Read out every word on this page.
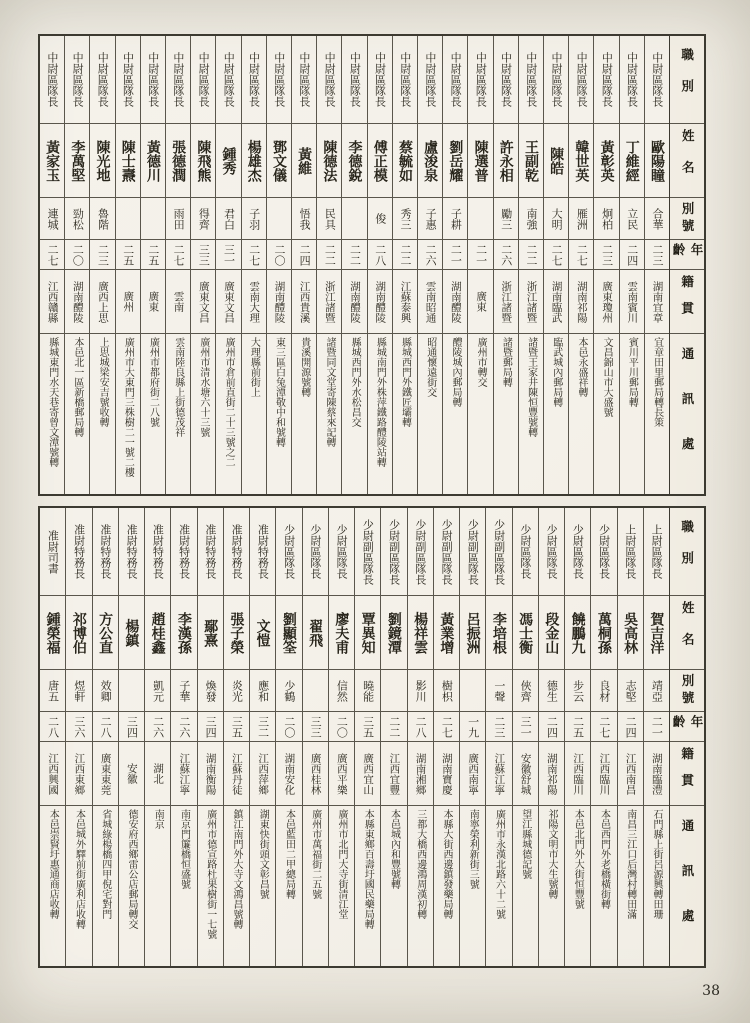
中尉區隊長
黃家玉
連城
二七
江西贛縣
縣城東門水天巷寄曾文潭號轉
中尉區隊長
李萬堅
勁松
二〇
湖南醴陵
本邑北一區新橋郵局轉
中尉區隊長
陳光地
魯階
二三
廣西上思
上思城梁安吉號收轉
中尉區隊長
陳士燾
二五
廣州
廣州市大東門三株樹二一號二樓
中尉區隊長
黃德川
二五
廣東
廣州市都府街二八號
中尉區隊長
張德潤
雨田
二七
雲南
雲南陸良縣上街德茂祥
中尉區隊長
陳飛熊
得齊
三三
廣東文昌
廣州市清水塘六十三號
中尉區隊長
鍾秀
君白
三一
廣東文昌
廣州市倉前直街二十三號之二
中尉區隊長
楊雄杰
子羽
二七
雲南大理
大理縣前街上
中尉區隊長
鄧文儀
二〇
湖南醴陵
東三區白兔潭敬中和號轉
中尉區隊長
黃維
悟我
二四
江西貴溪
貴溪開源號轉
中尉區隊長
陳德法
民具
二二
浙江諸暨
諸暨同文堂寄陳蔡來記轉
中尉區隊長
李德銳
二二
湖南醴陵
縣城西門外水松昌交
中尉區隊長
傅正模
俊
二八
湖南醴陵
縣城南門外株萍鐵路醴陵站轉
中尉區隊長
蔡毓如
秀三
二二
江蘇泰興
縣城西門外鐵匠壩轉
中尉區隊長
盧浚泉
子惠
二六
雲南昭通
昭通懷遠街交
中尉區隊長
劉岳耀
子耕
二一
湖南醴陵
醴陵城內郵局轉
中尉區隊長
陳選普
二一
廣東
廣州市轉交
中尉區隊長
許永相
勵三
二六
浙江諸暨
諸暨郵局轉
中尉區隊長
王副乾
南強
二二
浙江諸暨
諸暨王家井陳恒豐號轉
中尉區隊長
陳皓
大明
二七
湖南臨武
臨武城內郵局轉
中尉區隊長
韓世英
雁洲
二七
湖南祁陽
本邑永盛祥轉
中尉區隊長
黃彰英
炯柏
二三
廣東瓊州
文昌錦山市大盛號
中尉區隊長
丁維經
立民
二四
雲南賓川
賓川平川郵局轉
中尉區隊長
歐陽瞳
合華
二三
湖南宜章
宜章田里郵局轉長策
職別
姓名
別號
年齡
籍貫
通訊處
准尉司書
鍾榮福
唐五
二八
江西興國
本邑崇賢圩惠通商店收轉
准尉特務長
祁博伯
煜軒
三六
江西東鄉
本邑城外驛前街廣利店收轉
准尉特務長
方公直
效卿
二八
廣東東莞
省城綠楊橋四甲倪宅對門
准尉特務長
楊鎮
三四
安徽
德安府西鄉雷公店郵局轉交
准尉特務長
趙桂鑫
凱元
二六
湖北
南京
准尉特務長
李漢孫
子華
二六
江蘇江寧
南京門簾橋恒盛號
准尉特務長
鄢熹
煥發
三四
湖南衡陽
廣州市德宣路杜果樹街一七號
准尉特務長
張子榮
炎光
三五
江蘇丹徒
鎮江南門外大寺文鴻昌號轉
准尉特務長
文愷
應和
三二
江西萍鄉
湖東快街頭文彰昌號
少尉區隊長
劉顯筌
少鶴
二〇
湖南安化
本邑藍田二甲總局轉
少尉區隊長
翟飛
三三
廣西桂林
廣州市萬福街二五號
少尉區隊長
廖夫甫
信然
二〇
廣西平樂
廣州市北門大寺街清江堂
少尉副區隊長
覃異知
曉能
三五
廣西宜山
本縣東鄉百壽圩國民藥局轉
少尉副區隊長
劉鏡潭
二二
江西宜豐
本邑城內和豐號轉
少尉副區隊長
楊祥雲
影川
二八
湖南湘鄉
三都大橋西邊鴻周漢初轉
少尉副區隊長
黃業增
樹枳
二七
湖南寶慶
本縣大街西邊鎮發藥局轉
少尉副區隊長
呂振洲
一九
廣西南寧
南寧榮利新街三號
少尉副區隊長
李培根
一聲
二三
江蘇江寧
廣州市永漢北路六十二號
少尉區隊長
馮士衡
俠齊
三一
安徽舒城
望江縣城德記號
少尉區隊長
段金山
德生
二四
湖南祁陽
祁陽文明市大生號轉
少尉區隊長
饒鵬九
步云
二五
江西臨川
本邑北門外大街恒豐號
少尉區隊長
萬桐孫
良材
二七
江西臨川
本邑西門外老橋橫街轉
上尉區隊長
吳高林
志堅
二四
江西南昌
南昌三江口后灣村轉田滿
上尉區隊長
賀吉洋
靖亞
二一
湖南臨澧
石門縣上街呂源興轉田珊
職別
姓名
別號
年齡
籍貫
通訊處
38
